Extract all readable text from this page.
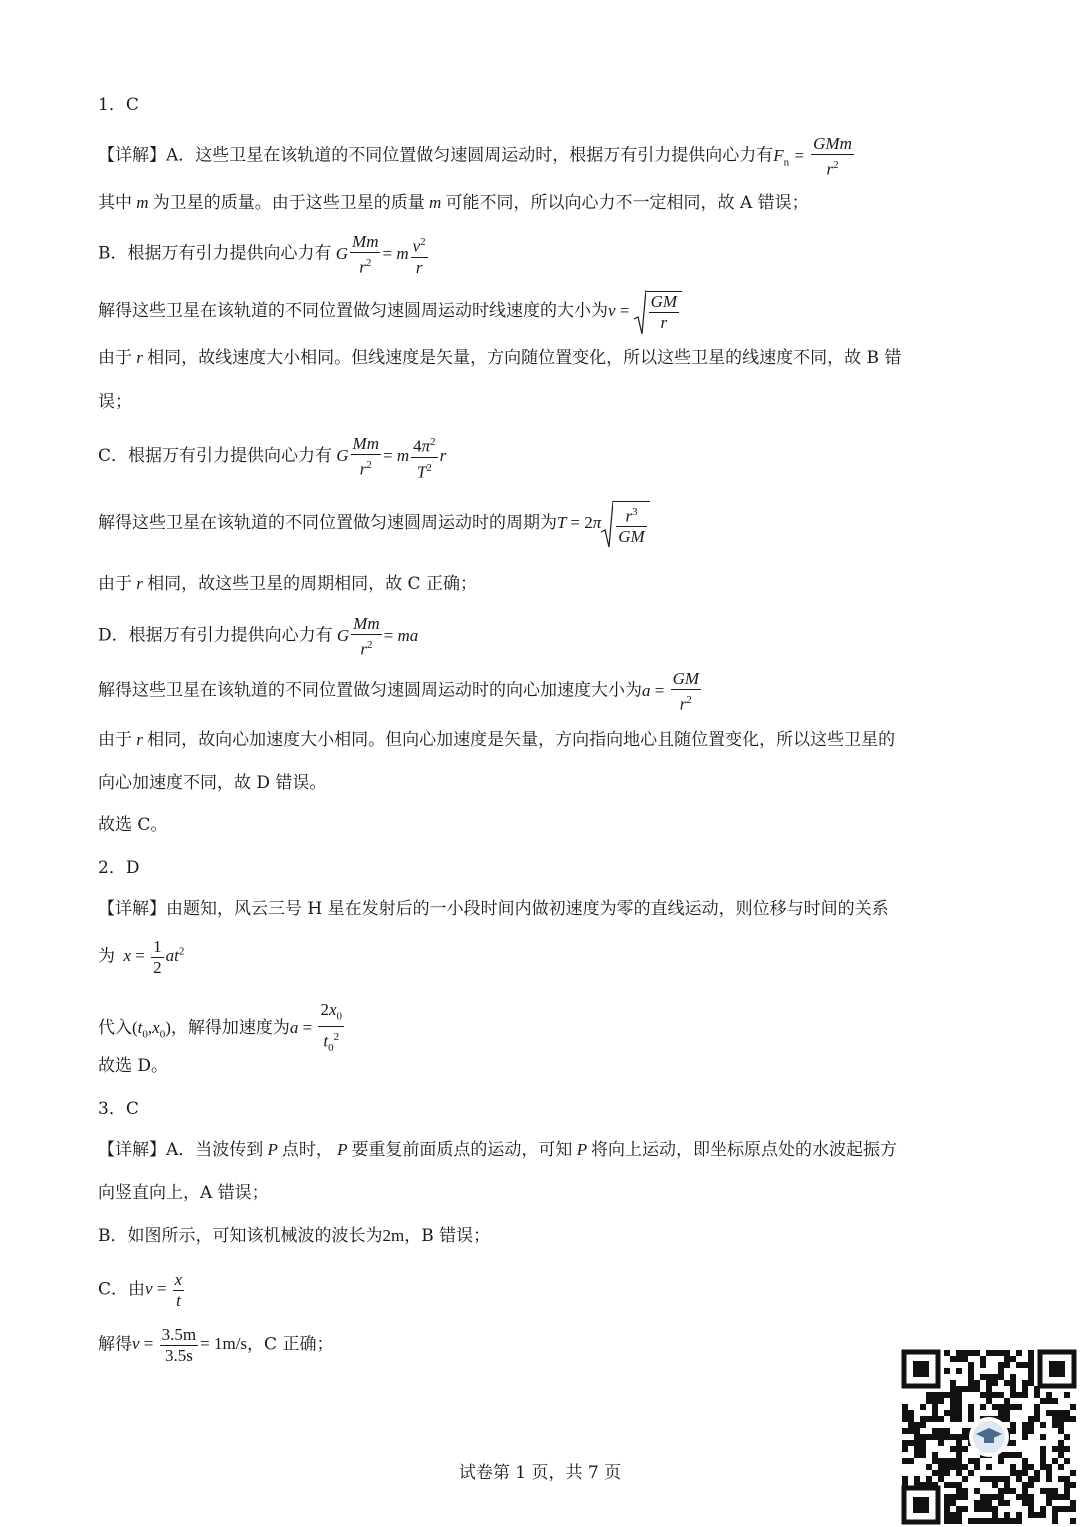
1．C
【详解】A．这些卫星在该轨道的不同位置做匀速圆周运动时，根据万有引力提供向心力有$F_n = \frac{\text{GMm}}{r^2}$
其中 m 为卫星的质量。由于这些卫星的质量 m 可能不同，所以向心力不一定相同，故 A 错误；
B．根据万有引力提供向心力有 G $\frac{Mm}{r^2} = m \frac{v^2}{r}$
解得这些卫星在该轨道的不同位置做匀速圆周运动时线速度的大小为$v = \frac{GM}{r}$
由于 r 相同，故线速度大小相同。但线速度是矢量，方向随位置变化，所以这些卫星的线速度不同，故 B 错
误；
C．根据万有引力提供向心力有 G $\frac{Mm}{r^2} = m \frac{4\pi^2}{T^2}$ r
解得这些卫星在该轨道的不同位置做匀速圆周运动时的周期为$T = 2\pi \frac{r^3}{GM}$
由于 r 相同，故这些卫星的周期相同，故 C 正确；
D．根据万有引力提供向心力有 G $\frac{Mm}{r^2}$ = ma
解得这些卫星在该轨道的不同位置做匀速圆周运动时的向心加速度大小为$a = \frac{GM}{r^2}$
由于 r 相同，故向心加速度大小相同。但向心加速度是矢量，方向指向地心且随位置变化，所以这些卫星的
向心加速度不同，故 D 错误。
故选 C。
2．D
【详解】由题知，风云三号 H 星在发射后的一小段时间内做初速度为零的直线运动，则位移与时间的关系
为  $x = \frac{1}{2} at^2$
代入$(t_0,x_0)$，解得加速度为$a = \frac{2x_0}{t_0^2}$
故选 D。
3．C
【详解】A．当波传到 P 点时， P 要重复前面质点的运动，可知 P 将向上运动，即坐标原点处的水波起振方
向竖直向上，A 错误；
B．如图所示，可知该机械波的波长为2m，B 错误；
C．由$v = \frac{x}{t}$
解得$v = \frac{3.5m}{3.5s} = 1m/s$，C 正确；
试卷第 1 页，共 7 页
